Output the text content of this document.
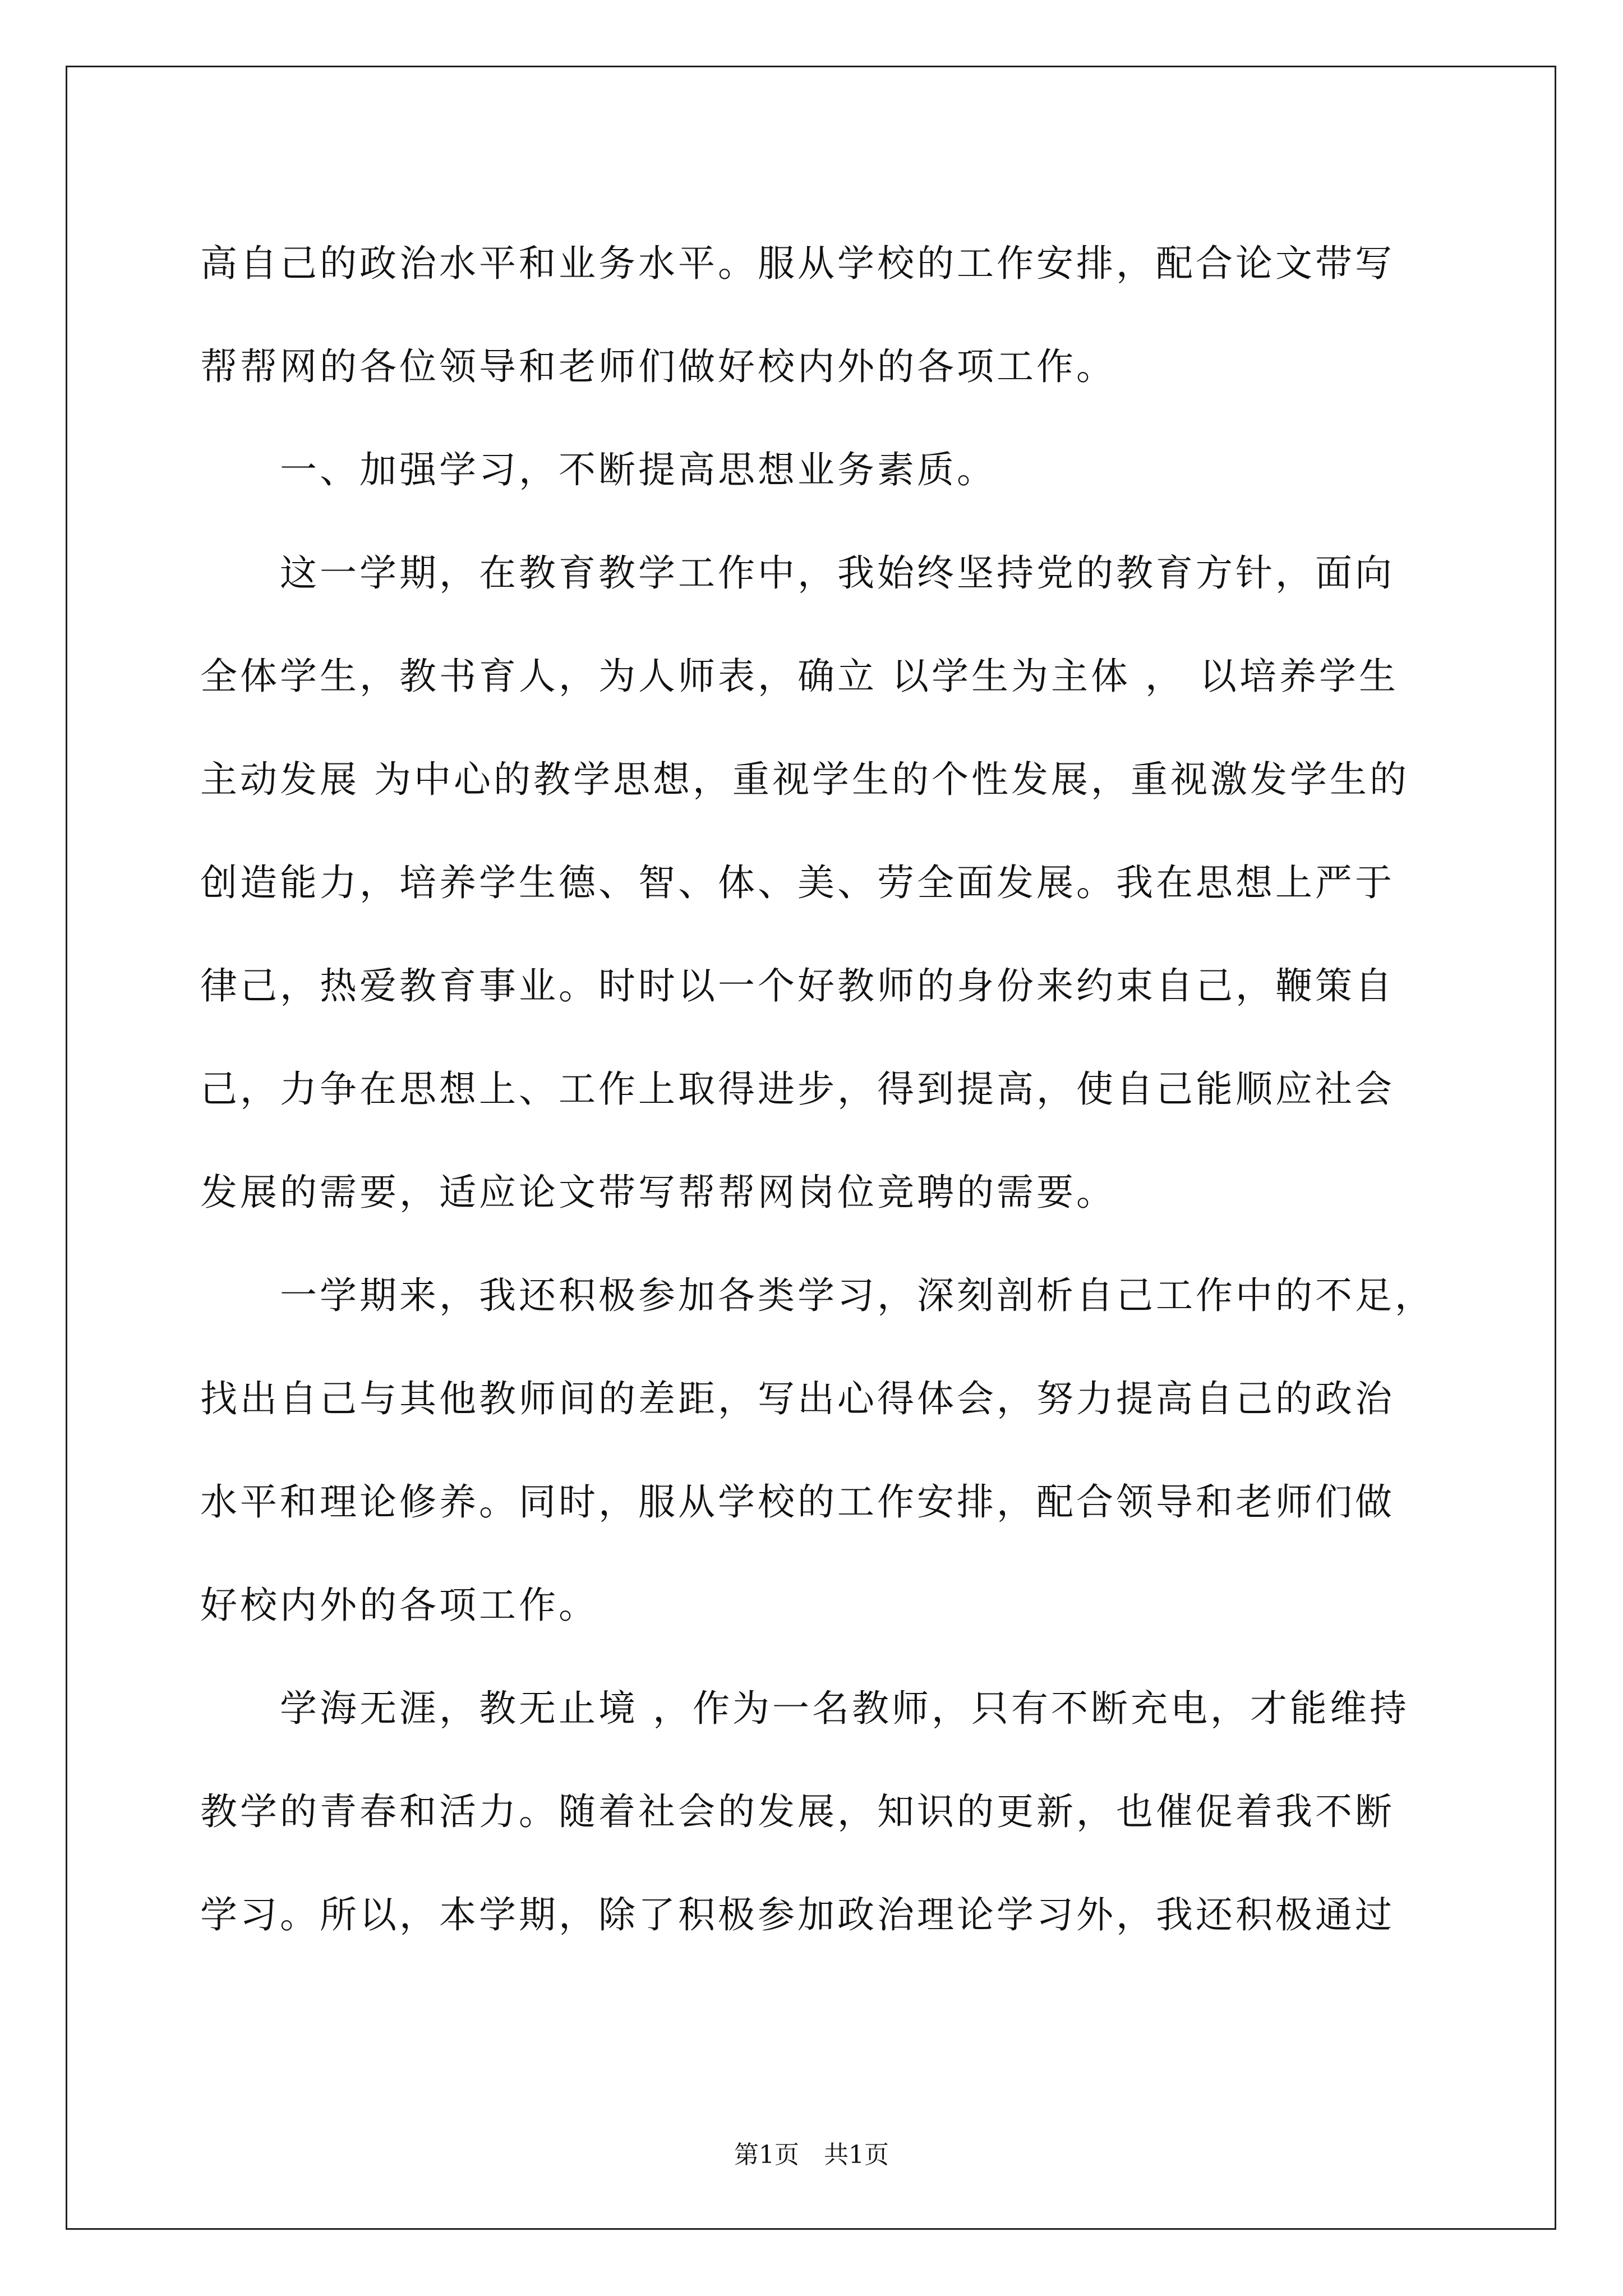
高自己的政治水平和业务水平。服从学校的工作安排，配合论文带写
帮帮网的各位领导和老师们做好校内外的各项工作。
　　一、加强学习，不断提高思想业务素质。
　　这一学期，在教育教学工作中，我始终坚持党的教育方针，面向
全体学生，教书育人，为人师表，确立 以学生为主体 ， 以培养学生
主动发展 为中心的教学思想，重视学生的个性发展，重视激发学生的
创造能力，培养学生德、智、体、美、劳全面发展。我在思想上严于
律己，热爱教育事业。时时以一个好教师的身份来约束自己，鞭策自
己，力争在思想上、工作上取得进步，得到提高，使自己能顺应社会
发展的需要，适应论文带写帮帮网岗位竞聘的需要。
　　一学期来，我还积极参加各类学习，深刻剖析自己工作中的不足，
找出自己与其他教师间的差距，写出心得体会，努力提高自己的政治
水平和理论修养。同时，服从学校的工作安排，配合领导和老师们做
好校内外的各项工作。
　　学海无涯，教无止境 ，作为一名教师，只有不断充电，才能维持
教学的青春和活力。随着社会的发展，知识的更新，也催促着我不断
学习。所以，本学期，除了积极参加政治理论学习外，我还积极通过
第1页　共1页
